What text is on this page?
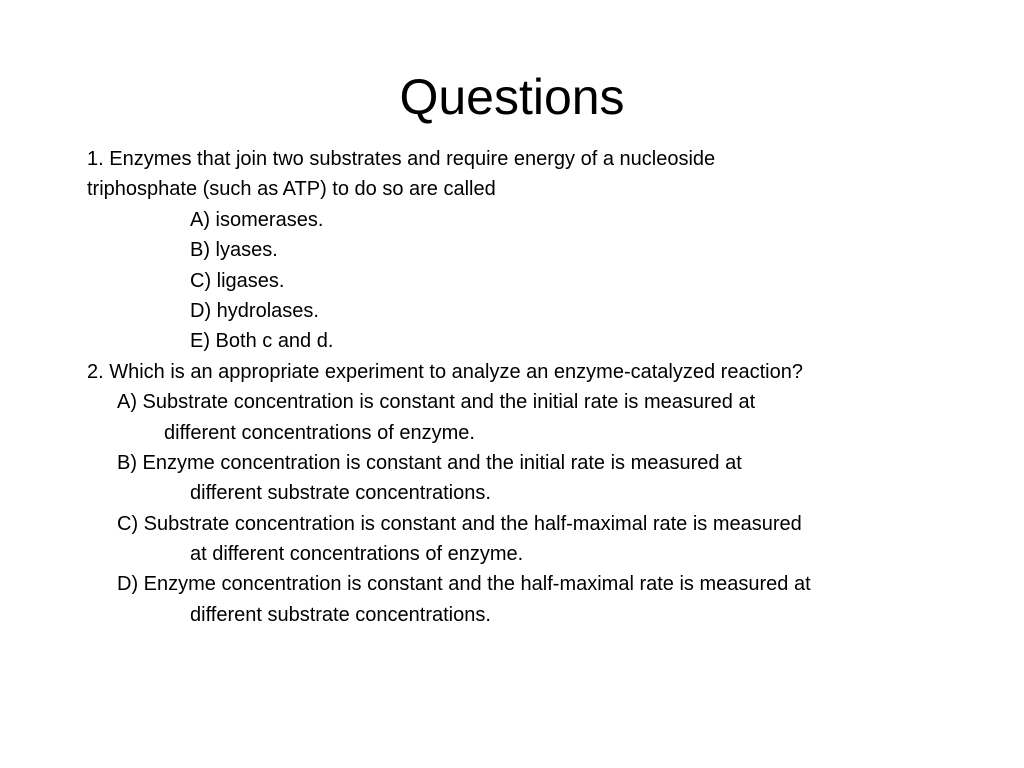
Questions
1. Enzymes that join two substrates and require energy of a nucleoside
triphosphate (such as ATP) to do so are called
A) isomerases.
B) lyases.
C) ligases.
D) hydrolases.
E) Both c and d.
2. Which is an appropriate experiment to analyze an enzyme-catalyzed reaction?
A) Substrate concentration is constant and the initial rate is measured at
different concentrations of enzyme.
B) Enzyme concentration is constant and the initial rate is measured at
different substrate concentrations.
C) Substrate concentration is constant and the half-maximal rate is measured
at different concentrations of enzyme.
D) Enzyme concentration is constant and the half-maximal rate is measured at
different substrate concentrations.
